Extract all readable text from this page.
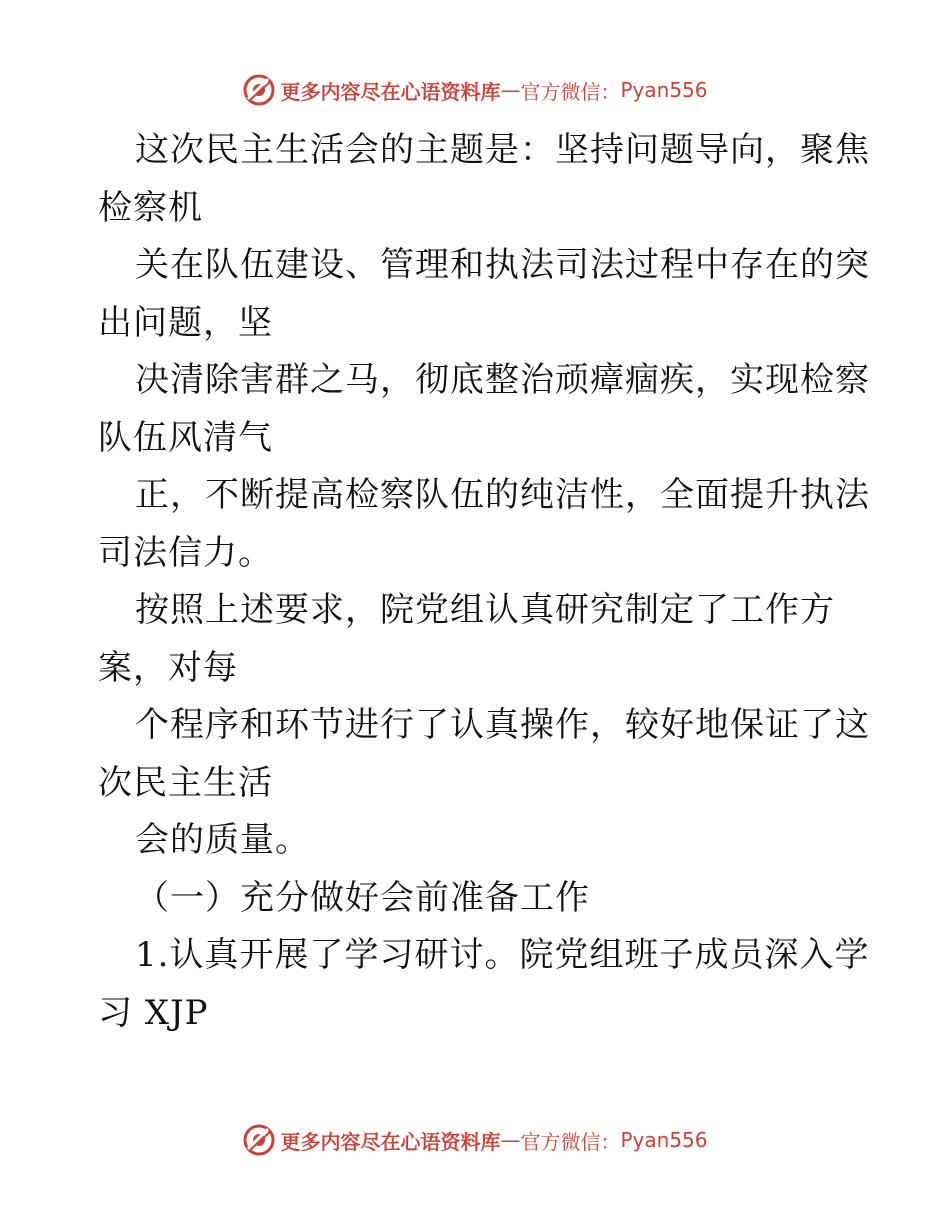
更多内容尽在心语资料库 — 官方微信： Pyan556
这次民主生活会的主题是：坚持问题导向，聚焦
检察机
关在队伍建设、管理和执法司法过程中存在的突
出问题，坚
决清除害群之马，彻底整治顽瘴痼疾，实现检察
队伍风清气
正，不断提高检察队伍的纯洁性，全面提升执法
司法信力。
按照上述要求，院党组认真研究制定了工作方
案，对每
个程序和环节进行了认真操作，较好地保证了这
次民主生活
会的质量。
（一）充分做好会前准备工作
1.认真开展了学习研讨。院党组班子成员深入学
习 XJP
更多内容尽在心语资料库 — 官方微信： Pyan556
